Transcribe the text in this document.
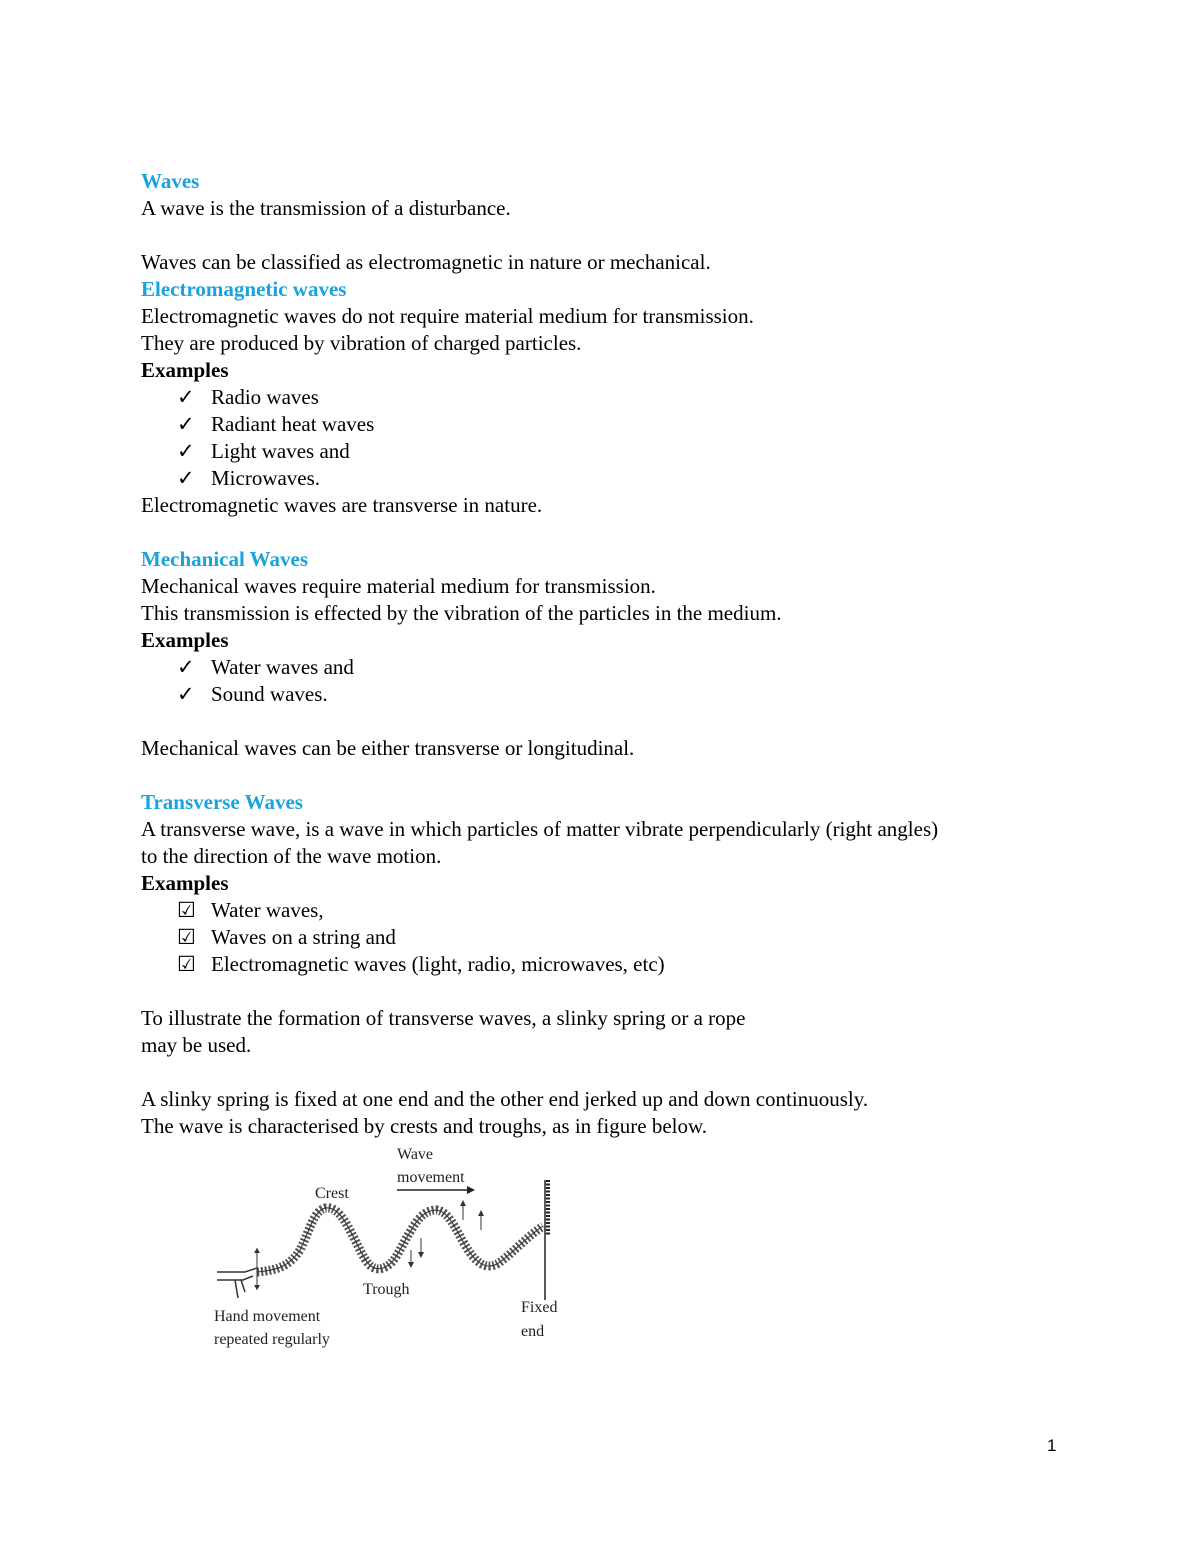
Waves
A wave is the transmission of a disturbance.
Waves can be classified as electromagnetic in nature or mechanical.
Electromagnetic waves
Electromagnetic waves do not require material medium for transmission.
They are produced by vibration of charged particles.
Examples
✓ Radio waves
✓ Radiant heat waves
✓ Light waves and
✓ Microwaves.
Electromagnetic waves are transverse in nature.
Mechanical Waves
Mechanical waves require material medium for transmission.
This transmission is effected by the vibration of the particles in the medium.
Examples
✓ Water waves and
✓ Sound waves.
Mechanical waves can be either transverse or longitudinal.
Transverse Waves
A transverse wave, is a wave in which particles of matter vibrate perpendicularly (right angles)
to the direction of the wave motion.
Examples
☑ Water waves,
☑ Waves on a string and
☑ Electromagnetic waves (light, radio, microwaves, etc)
To illustrate the formation of transverse waves, a slinky spring or a rope
may be used.
A slinky spring is fixed at one end and the other end jerked up and down continuously.
The wave is characterised by crests and troughs, as in figure below.
Wave
movement
Crest
Trough
Hand movement
repeated regularly
Fixed
end
1
